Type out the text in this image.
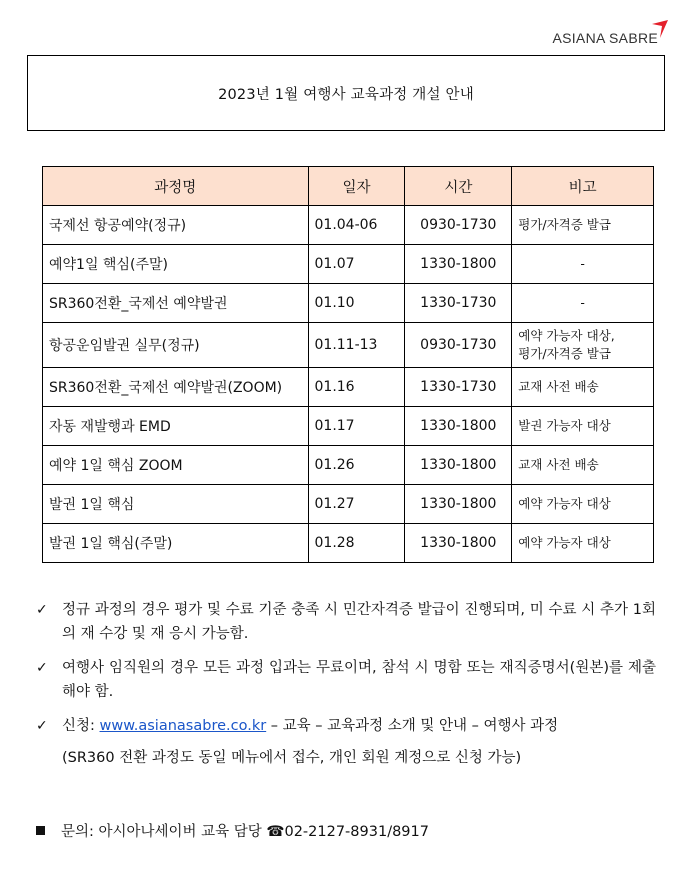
ASIANA SABRE
2023년 1월 여행사 교육과정 개설 안내
과정명	일자	시간	비고
국제선 항공예약(정규)	01.04-06	0930-1730	평가/자격증 발급
예약1일 핵심(주말)	01.07	1330-1800	-
SR360전환_국제선 예약발권	01.10	1330-1730	-
항공운임발권 실무(정규)	01.11-13	0930-1730	예약 가능자 대상,
평가/자격증 발급

SR360전환_국제선 예약발권(ZOOM)	01.16	1330-1730	교재 사전 배송
자동 재발행과 EMD	01.17	1330-1800	발권 가능자 대상
예약 1일 핵심 ZOOM	01.26	1330-1800	교재 사전 배송
발권 1일 핵심	01.27	1330-1800	예약 가능자 대상
발권 1일 핵심(주말)	01.28	1330-1800	예약 가능자 대상
✓ 정규 과정의 경우 평가 및 수료 기준 충족 시 민간자격증 발급이 진행되며, 미 수료 시 추가 1회의 재 수강 및 재 응시 가능함.
✓ 여행사 임직원의 경우 모든 과정 입과는 무료이며, 참석 시 명함 또는 재직증명서(원본)를 제출해야 함.
✓ 신청: www.asianasabre.co.kr – 교육 – 교육과정 소개 및 안내 – 여행사 과정
(SR360 전환 과정도 동일 메뉴에서 접수, 개인 회원 계정으로 신청 가능)
문의: 아시아나세이버 교육 담당 ☎02-2127-8931/8917
